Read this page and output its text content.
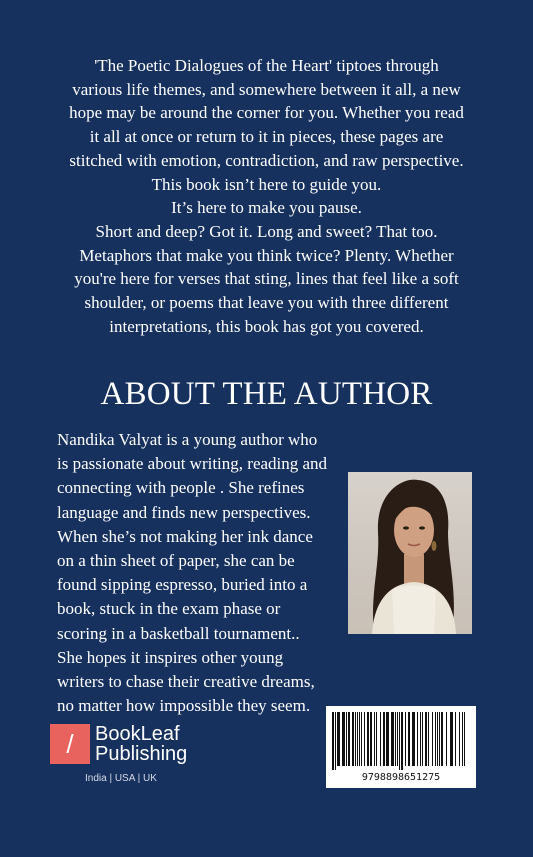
'The Poetic Dialogues of the Heart' tiptoes through

various life themes, and somewhere between it all, a new

hope may be around the corner for you. Whether you read

it all at once or return to it in pieces, these pages are

stitched with emotion, contradiction, and raw perspective.

This book isn’t here to guide you.

It’s here to make you pause.

Short and deep? Got it. Long and sweet? That too.

Metaphors that make you think twice? Plenty. Whether

you're here for verses that sting, lines that feel like a soft

shoulder, or poems that leave you with three different

interpretations, this book has got you covered.

ABOUT THE AUTHOR
Nandika Valyat is a young author who
is passionate about writing, reading and
connecting with people . She refines
language and finds new perspectives.
When she’s not making her ink dance
on a thin sheet of paper, she can be
found sipping espresso, buried into a
book, stuck in the exam phase or
scoring in a basketball tournament..
She hopes it inspires other young
writers to chase their creative dreams,
no matter how impossible they seem.
/	BookLeaf
Publishing
India | USA | UK	9798898651275
